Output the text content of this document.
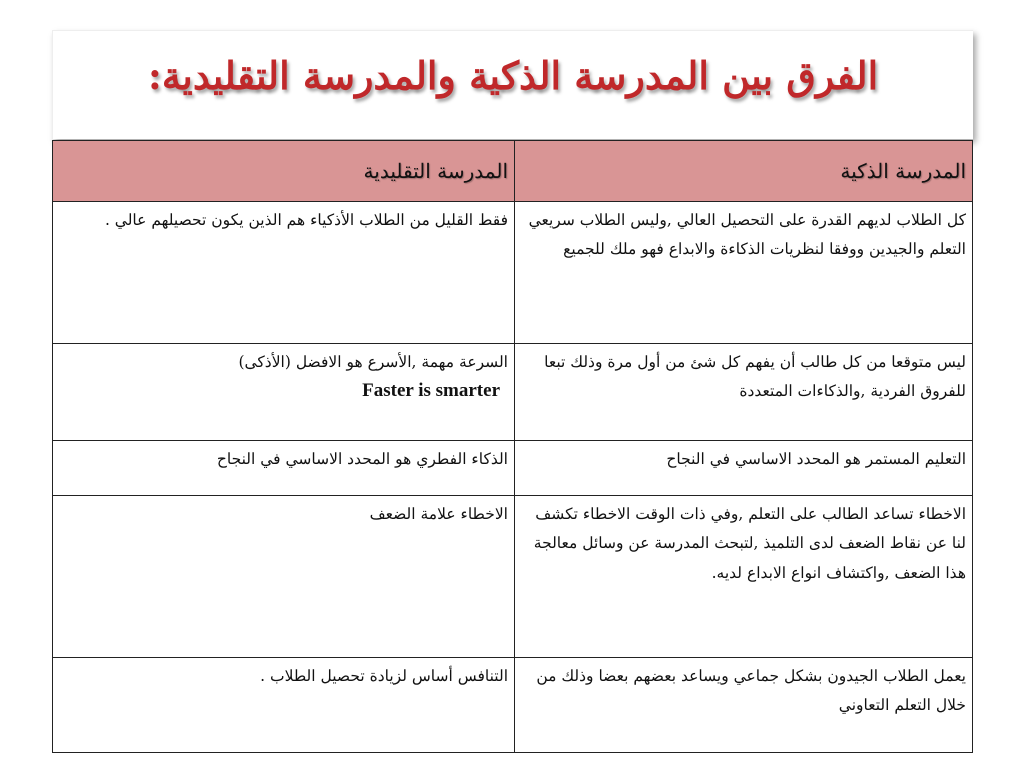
الفرق بين المدرسة الذكية والمدرسة التقليدية:
المدرسة الذكية	المدرسة التقليدية
كل الطلاب لديهم القدرة على التحصيل العالي ,وليس الطلاب سريعي التعلم والجيدين ووفقا لنظريات الذكاءة والابداع فهو ملك للجميع	فقط القليل من الطلاب الأذكياء هم الذين يكون تحصيلهم عالي .
ليس متوقعا من كل طالب أن يفهم كل شئ من أول مرة وذلك تبعا للفروق الفردية ,والذكاءات المتعددة	السرعة مهمة ,الأسرع هو الافضل (الأذكى)
Faster is smarter

التعليم المستمر هو المحدد الاساسي في النجاح	الذكاء الفطري هو المحدد الاساسي في النجاح
الاخطاء تساعد الطالب على التعلم ,وفي ذات الوقت الاخطاء تكشف لنا عن نقاط الضعف لدى التلميذ ,لتبحث المدرسة عن وسائل معالجة هذا الضعف ,واكتشاف انواع الابداع لديه.	الاخطاء علامة الضعف
يعمل الطلاب الجيدون بشكل جماعي ويساعد بعضهم بعضا وذلك من خلال التعلم التعاوني	التنافس أساس لزيادة تحصيل الطلاب .
